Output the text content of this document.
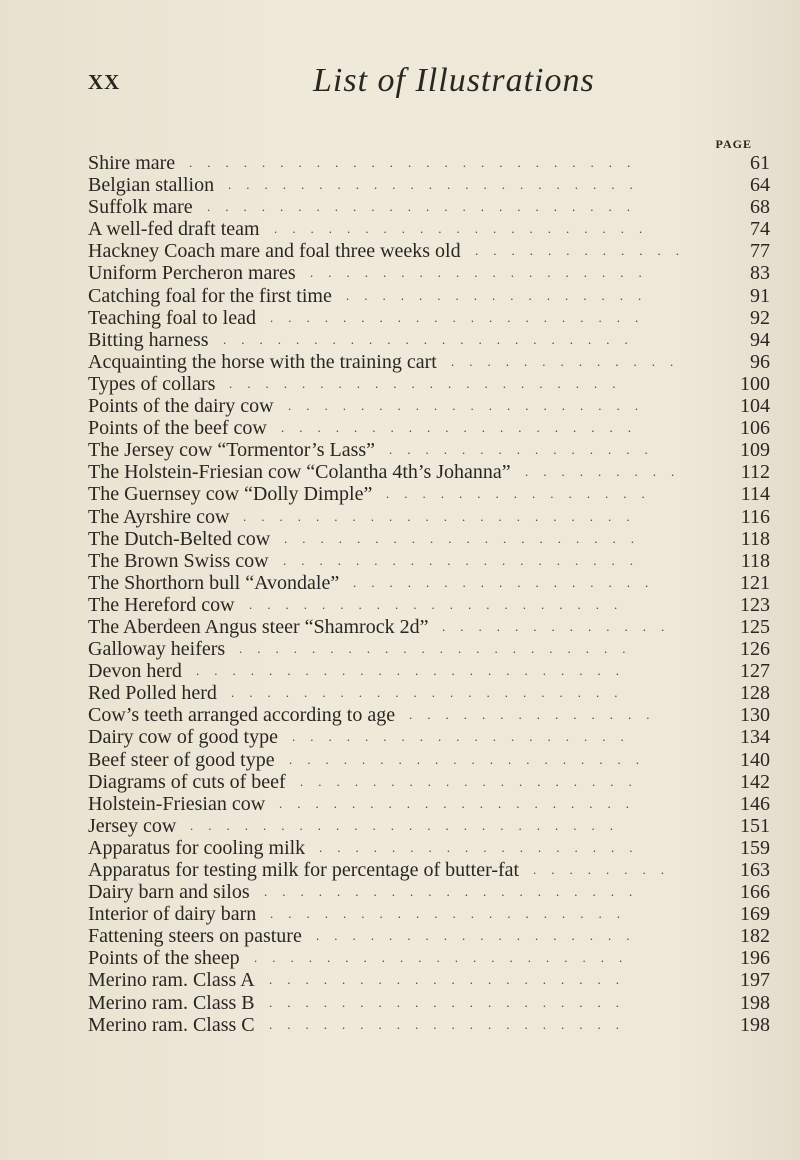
XX	List of Illustrations
PAGE
.........................
Shire mare	61
.......................
Belgian stallion	64
........................
Suffolk mare	68
.....................
A well-fed draft team	74
............
Hackney Coach mare and foal three weeks old	77
...................
Uniform Percheron mares	83
.................
Catching foal for the first time	91
.....................
Teaching foal to lead	92
.......................
Bitting harness	94
.............
Acquainting the horse with the training cart	96
......................
Types of collars	100
....................
Points of the dairy cow	104
....................
Points of the beef cow	106
...............
The Jersey cow “Tormentor’s Lass”	109
.........
The Holstein-Friesian cow “Colantha 4th’s Johanna”	112
...............
The Guernsey cow “Dolly Dimple”	114
......................
The Ayrshire cow	116
....................
The Dutch-Belted cow	118
....................
The Brown Swiss cow	118
.................
The Shorthorn bull “Avondale”	121
.....................
The Hereford cow	123
.............
The Aberdeen Angus steer “Shamrock 2d”	125
......................
Galloway heifers	126
........................
Devon herd	127
......................
Red Polled herd	128
..............
Cow’s teeth arranged according to age	130
...................
Dairy cow of good type	134
....................
Beef steer of good type	140
...................
Diagrams of cuts of beef	142
....................
Holstein-Friesian cow	146
........................
Jersey cow	151
..................
Apparatus for cooling milk	159
........
Apparatus for testing milk for percentage of butter-fat	163
.....................
Dairy barn and silos	166
....................
Interior of dairy barn	169
..................
Fattening steers on pasture	182
.....................
Points of the sheep	196
....................
Merino ram. Class A	197
....................
Merino ram. Class B	198
....................
Merino ram. Class C	198
